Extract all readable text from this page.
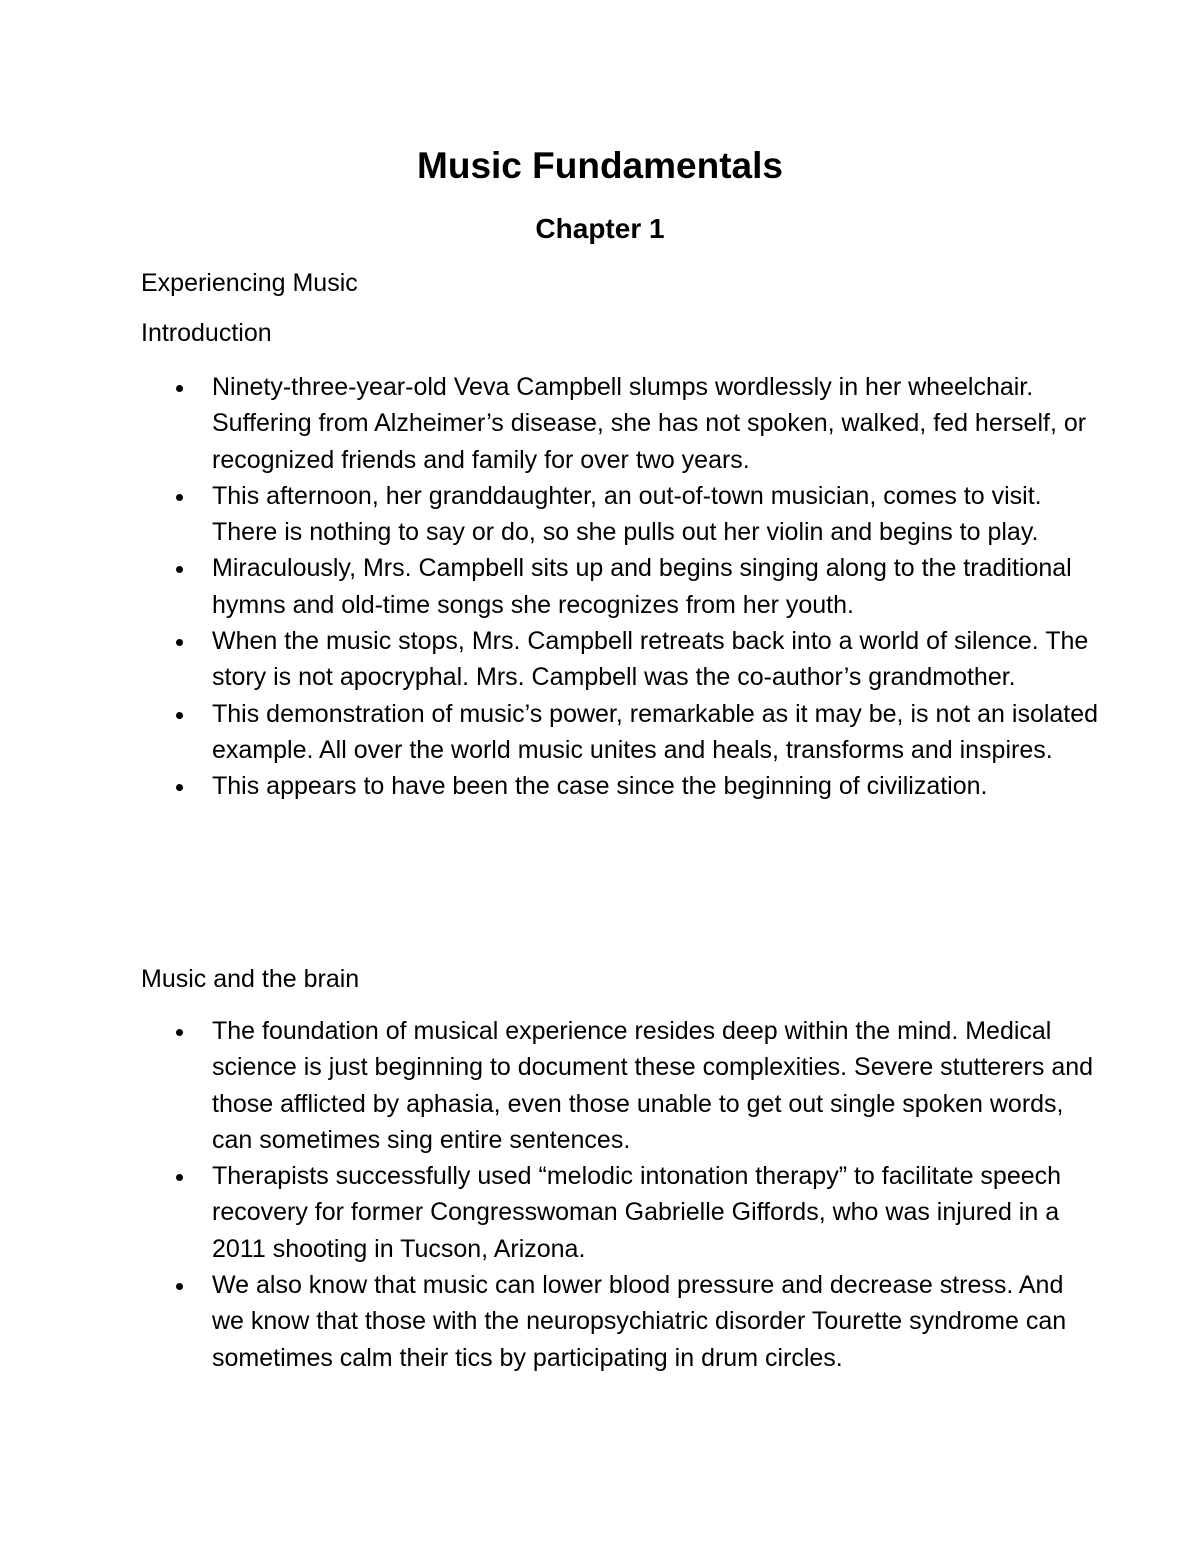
Music Fundamentals
Chapter 1

Experiencing Music

Introduction

Ninety-three-year-old Veva Campbell slumps wordlessly in her wheelchair. Suffering from Alzheimer’s disease, she has not spoken, walked, fed herself, or recognized friends and family for over two years.
This afternoon, her granddaughter, an out-of-town musician, comes to visit. There is nothing to say or do, so she pulls out her violin and begins to play.
Miraculously, Mrs. Campbell sits up and begins singing along to the traditional hymns and old-time songs she recognizes from her youth.
When the music stops, Mrs. Campbell retreats back into a world of silence. The story is not apocryphal. Mrs. Campbell was the co-author’s grandmother.
This demonstration of music’s power, remarkable as it may be, is not an isolated example. All over the world music unites and heals, transforms and inspires.
This appears to have been the case since the beginning of civilization.

Music and the brain

The foundation of musical experience resides deep within the mind. Medical science is just beginning to document these complexities. Severe stutterers and those afflicted by aphasia, even those unable to get out single spoken words, can sometimes sing entire sentences.
Therapists successfully used “melodic intonation therapy” to facilitate speech recovery for former Congresswoman Gabrielle Giffords, who was injured in a 2011 shooting in Tucson, Arizona.
We also know that music can lower blood pressure and decrease stress. And we know that those with the neuropsychiatric disorder Tourette syndrome can sometimes calm their tics by participating in drum circles.
